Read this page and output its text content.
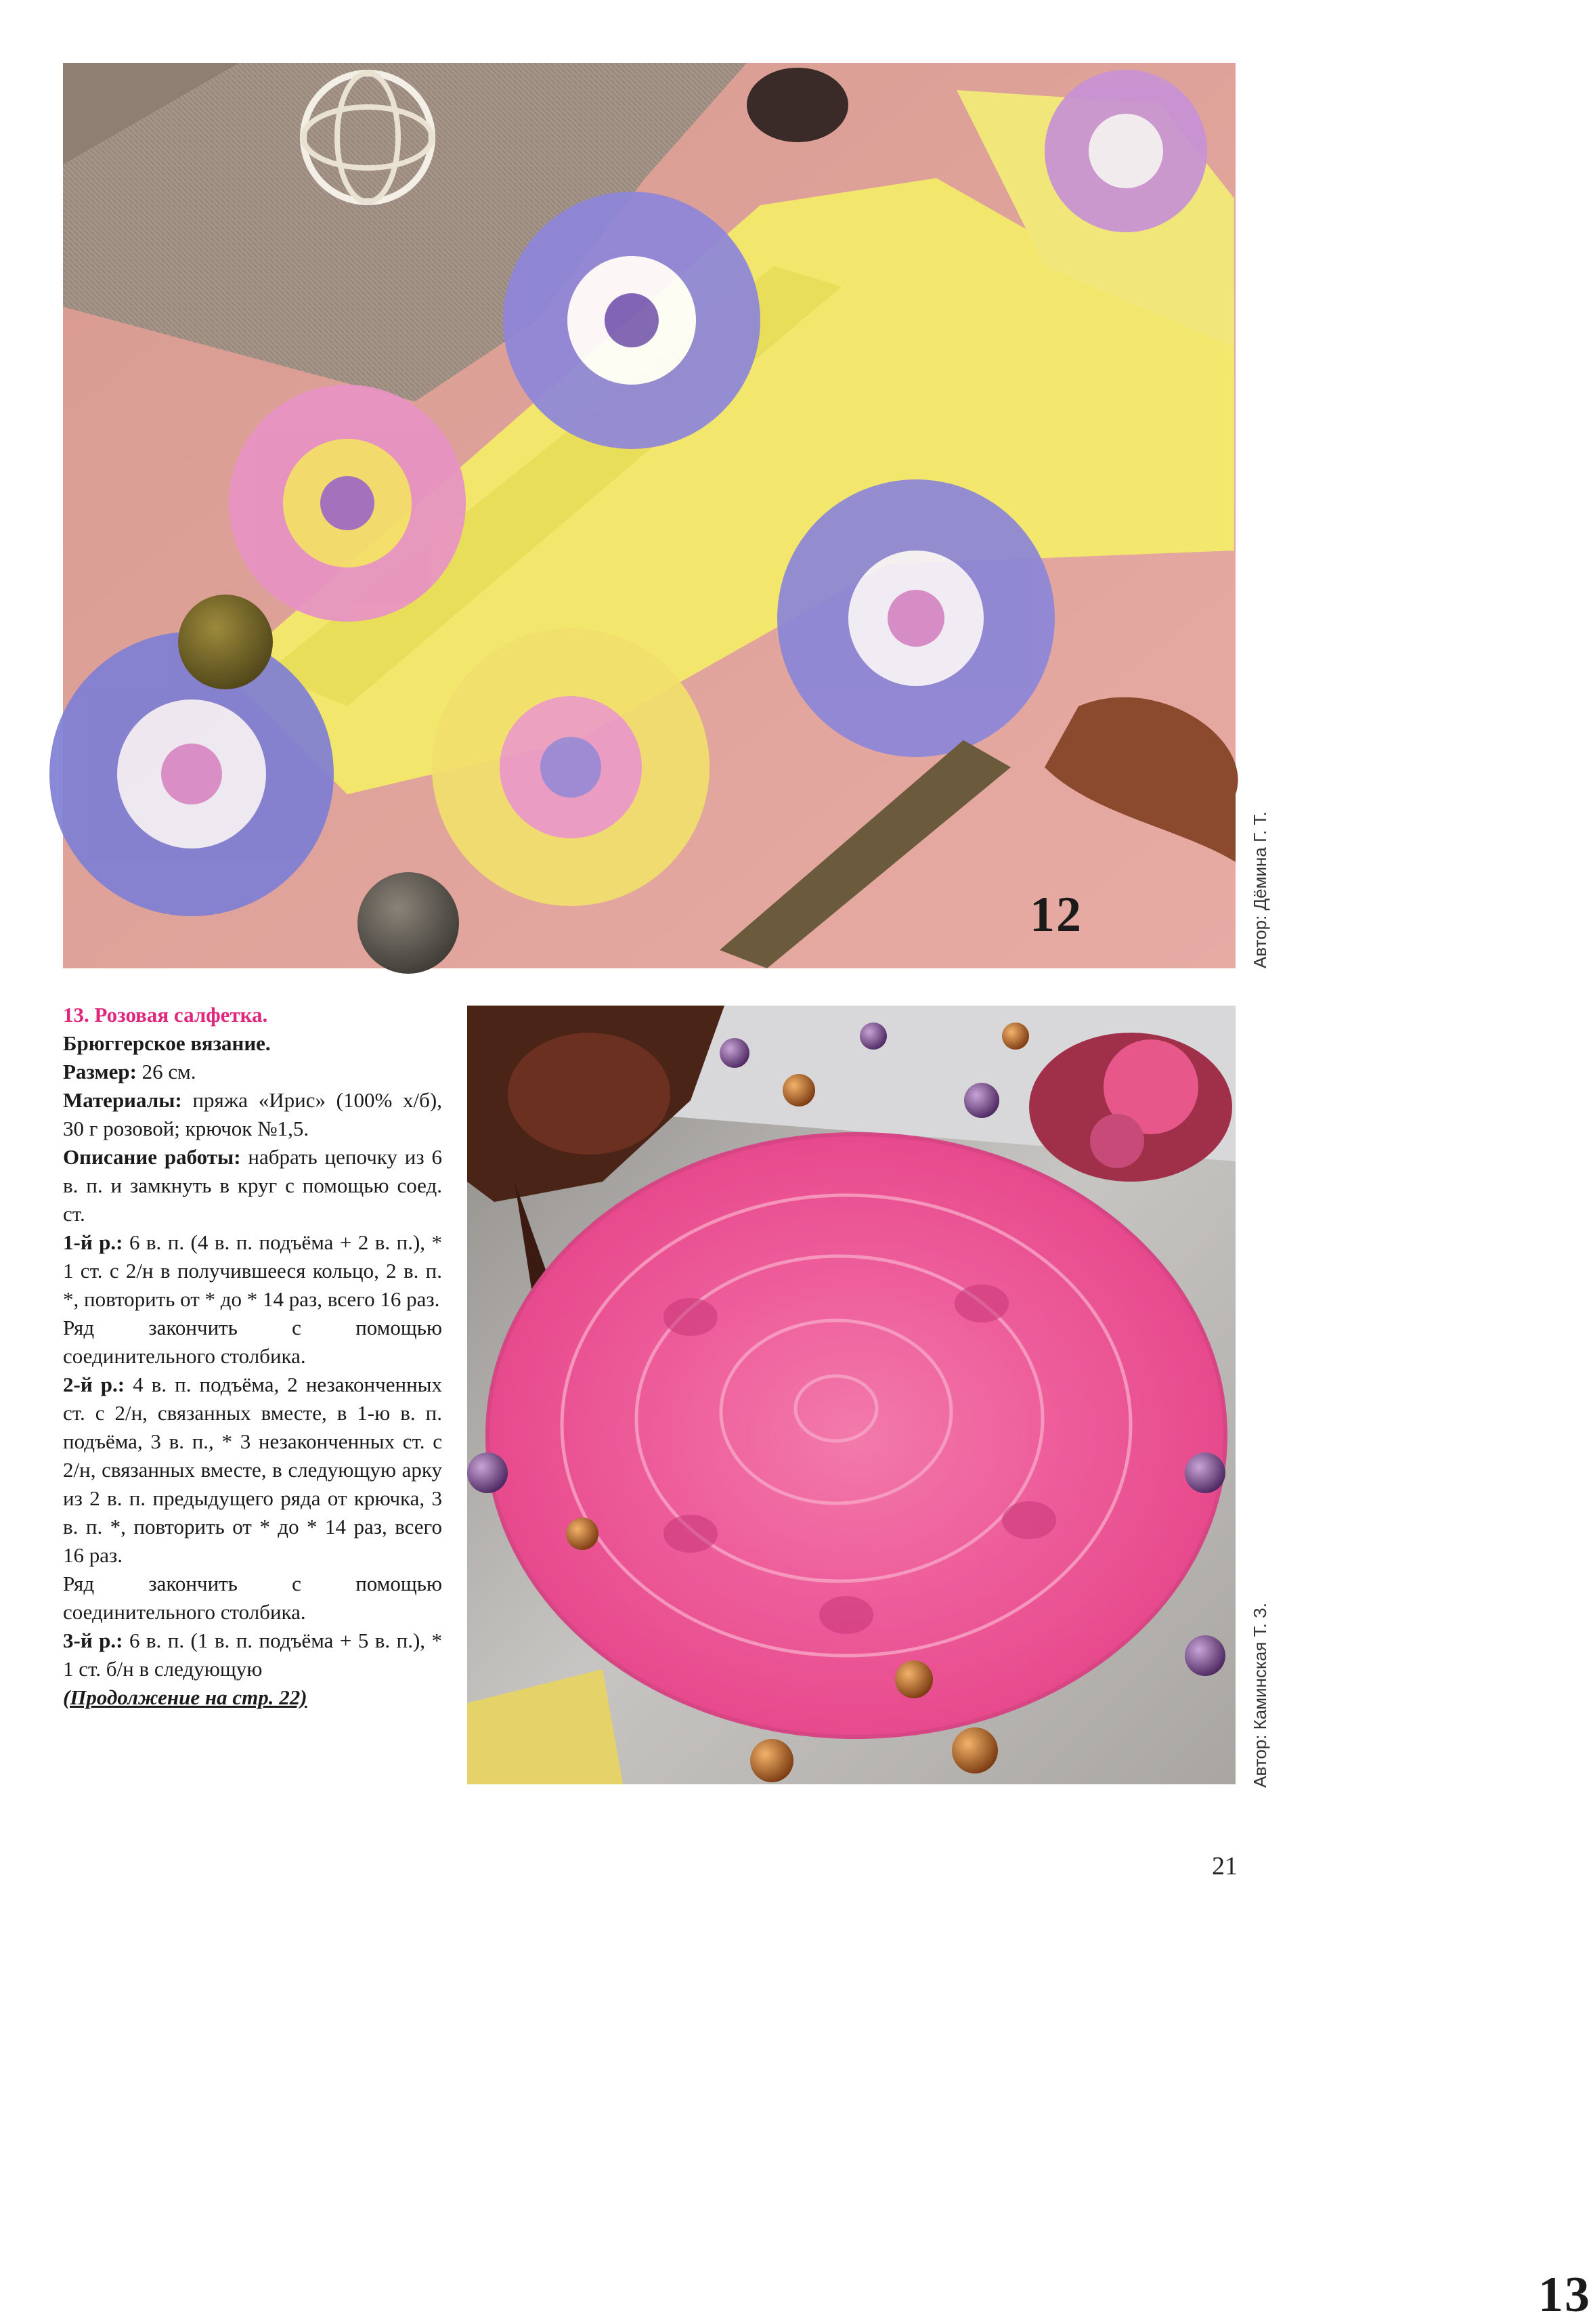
12	Автор: Дёмина Г. Т.
13
Автор: Каминская Т. З.

13. Розовая салфетка.

Брюггерское вязание.

Размер: 26 см.

Материалы: пряжа «Ирис» (100% х/б), 30 г розовой; крючок №1,5.

Описание работы: набрать цепочку из 6 в. п. и замкнуть в круг с помощью соед. ст.

1-й р.: 6 в. п. (4 в. п. подъёма + 2 в. п.), * 1 ст. с 2/н в получившееся кольцо, 2 в. п. *, повторить от * до * 14 раз, всего 16 раз.

Ряд закончить с помощью соединительного столбика.

2-й р.: 4 в. п. подъёма, 2 незаконченных ст. с 2/н, связанных вместе, в 1-ю в. п. подъёма, 3 в. п., * 3 незаконченных ст. с 2/н, связанных вместе, в следующую арку из 2 в. п. предыдущего ряда от крючка, 3 в. п. *, повторить от * до * 14 раз, всего 16 раз.

Ряд закончить с помощью соединительного столбика.

3-й р.: 6 в. п. (1 в. п. подъёма + 5 в. п.), * 1 ст. б/н в следующую

(Продолжение на стр. 22)

21
